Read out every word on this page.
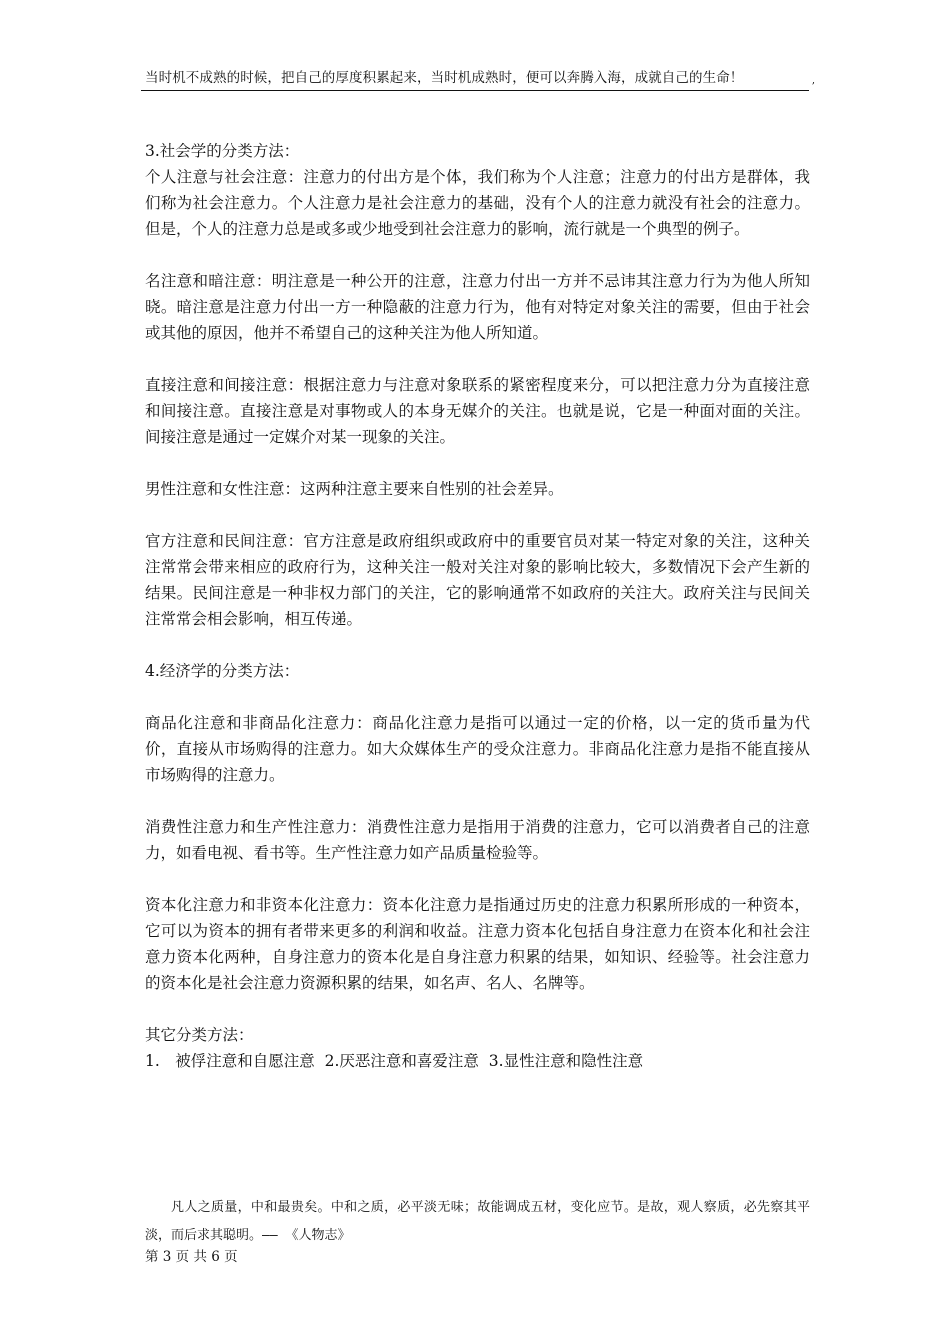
当时机不成熟的时候，把自己的厚度积累起来，当时机成熟时，便可以奔腾入海，成就自己的生命！	,

3.社会学的分类方法：

个人注意与社会注意：注意力的付出方是个体，我们称为个人注意；注意力的付出方是群体，我们称为社会注意力。个人注意力是社会注意力的基础，没有个人的注意力就没有社会的注意力。但是，个人的注意力总是或多或少地受到社会注意力的影响，流行就是一个典型的例子。

名注意和暗注意：明注意是一种公开的注意，注意力付出一方并不忌讳其注意力行为为他人所知晓。暗注意是注意力付出一方一种隐蔽的注意力行为，他有对特定对象关注的需要，但由于社会或其他的原因，他并不希望自己的这种关注为他人所知道。

直接注意和间接注意：根据注意力与注意对象联系的紧密程度来分，可以把注意力分为直接注意和间接注意。直接注意是对事物或人的本身无媒介的关注。也就是说，它是一种面对面的关注。间接注意是通过一定媒介对某一现象的关注。

男性注意和女性注意：这两种注意主要来自性别的社会差异。

官方注意和民间注意：官方注意是政府组织或政府中的重要官员对某一特定对象的关注，这种关注常常会带来相应的政府行为，这种关注一般对关注对象的影响比较大，多数情况下会产生新的结果。民间注意是一种非权力部门的关注，它的影响通常不如政府的关注大。政府关注与民间关注常常会相会影响，相互传递。

4.经济学的分类方法：

商品化注意和非商品化注意力：商品化注意力是指可以通过一定的价格，以一定的货币量为代价，直接从市场购得的注意力。如大众媒体生产的受众注意力。非商品化注意力是指不能直接从市场购得的注意力。

消费性注意力和生产性注意力：消费性注意力是指用于消费的注意力，它可以消费者自己的注意力，如看电视、看书等。生产性注意力如产品质量检验等。

资本化注意力和非资本化注意力：资本化注意力是指通过历史的注意力积累所形成的一种资本，它可以为资本的拥有者带来更多的利润和收益。注意力资本化包括自身注意力在资本化和社会注意力资本化两种，自身注意力的资本化是自身注意力积累的结果，如知识、经验等。社会注意力的资本化是社会注意力资源积累的结果，如名声、名人、名牌等。

其它分类方法：

1.　被俘注意和自愿注意  2.厌恶注意和喜爱注意  3.显性注意和隐性注意

凡人之质量，中和最贵矣。中和之质，必平淡无味；故能调成五材，变化应节。是故，观人察质，必先察其平淡，而后求其聪明。—— 《人物志》

第 3 页 共 6 页
